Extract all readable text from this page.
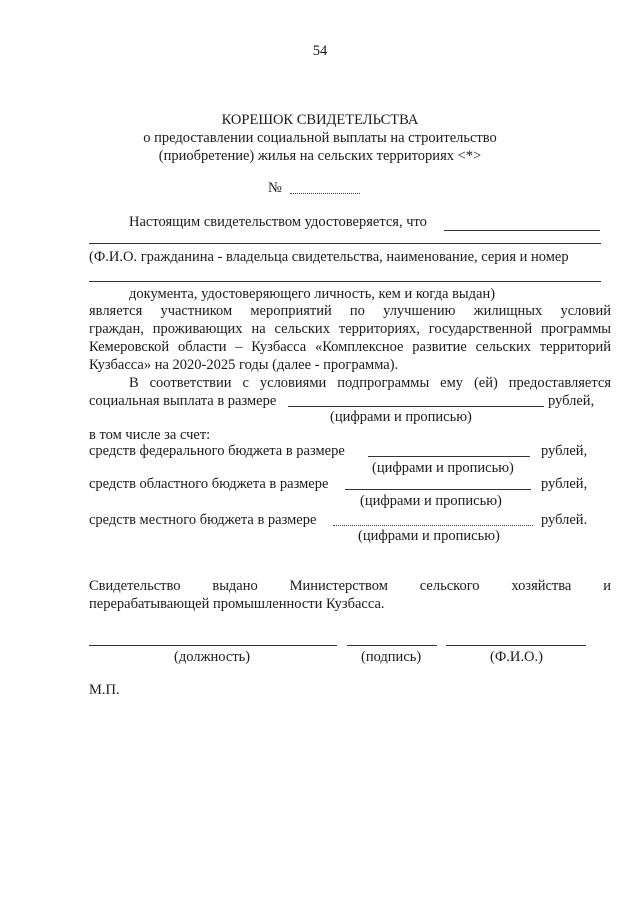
54
КОРЕШОК СВИДЕТЕЛЬСТВА
о предоставлении социальной выплаты на строительство
(приобретение) жилья на сельских территориях <*>
№
Настоящим свидетельством удостоверяется, что
(Ф.И.О. гражданина - владельца свидетельства, наименование, серия и номер
документа, удостоверяющего личность, кем и когда выдан)
является участником мероприятий по улучшению жилищных условий
граждан, проживающих на сельских территориях, государственной программы
Кемеровской области – Кузбасса «Комплексное развитие сельских территорий
Кузбасса» на 2020-2025 годы (далее - программа).
В соответствии с условиями подпрограммы ему (ей) предоставляется
социальная выплата в размере	рублей,
(цифрами и прописью)
в том числе за счет:
средств федерального бюджета в размере	рублей,
(цифрами и прописью)
средств областного бюджета в размере	рублей,
(цифрами и прописью)
средств местного бюджета в размере	рублей.
(цифрами и прописью)
Свидетельство выдано Министерством сельского хозяйства и
перерабатывающей промышленности Кузбасса.
(должность)	(подпись)	(Ф.И.О.)
М.П.
